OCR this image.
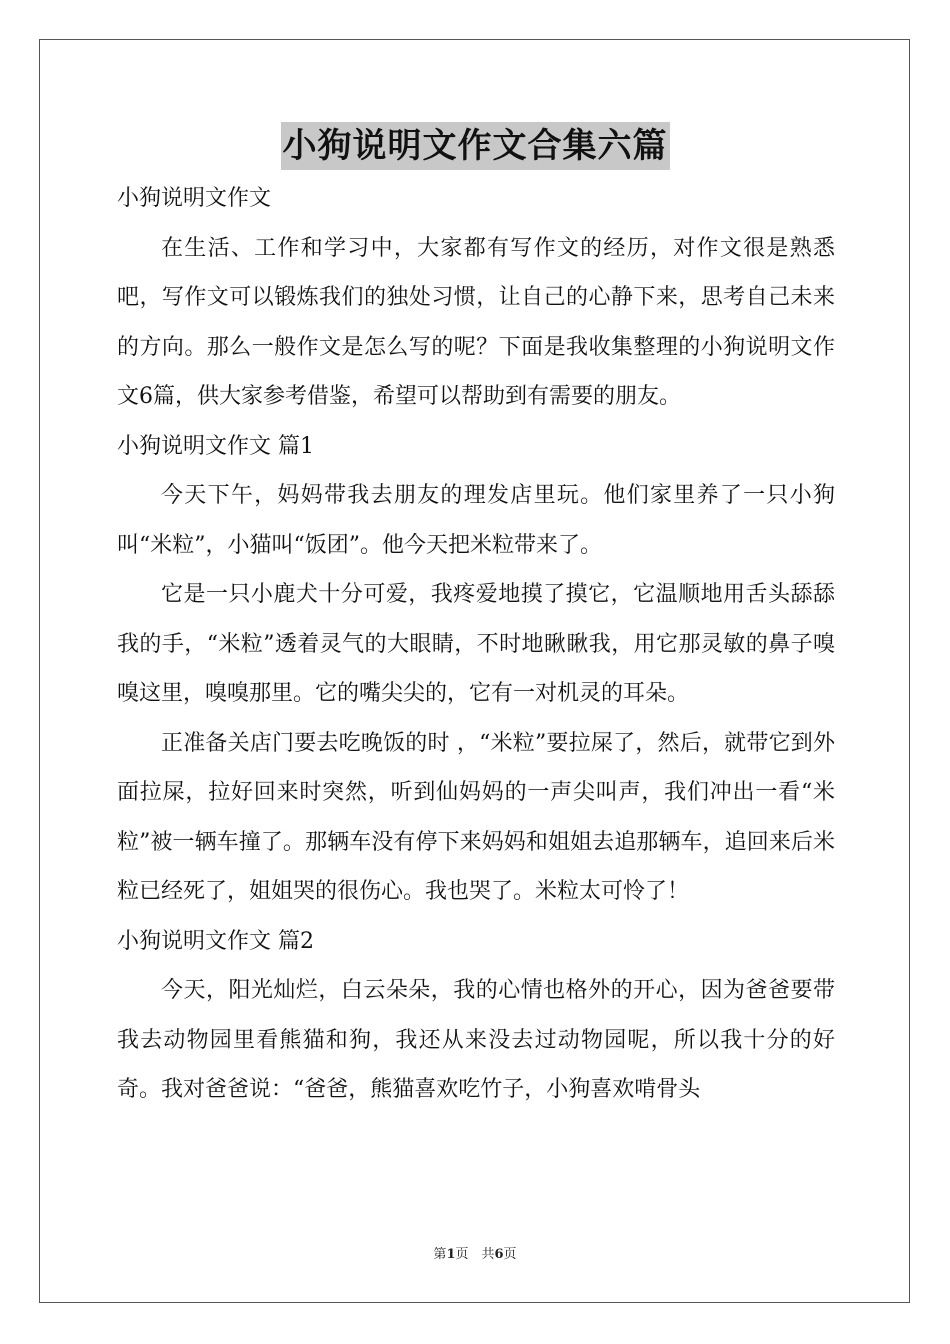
小狗说明文作文合集六篇

小狗说明文作文

在生活、工作和学习中，大家都有写作文的经历，对作文很是熟悉吧，写作文可以锻炼我们的独处习惯，让自己的心静下来，思考自己未来的方向。那么一般作文是怎么写的呢？下面是我收集整理的小狗说明文作文6篇，供大家参考借鉴，希望可以帮助到有需要的朋友。

小狗说明文作文 篇1

今天下午，妈妈带我去朋友的理发店里玩。他们家里养了一只小狗叫“米粒”，小猫叫“饭团”。他今天把米粒带来了。

它是一只小鹿犬十分可爱，我疼爱地摸了摸它，它温顺地用舌头舔舔我的手，“米粒”透着灵气的大眼睛，不时地瞅瞅我，用它那灵敏的鼻子嗅嗅这里，嗅嗅那里。它的嘴尖尖的，它有一对机灵的耳朵。

正准备关店门要去吃晚饭的时 ，“米粒”要拉屎了，然后，就带它到外面拉屎，拉好回来时突然，听到仙妈妈的一声尖叫声，我们冲出一看“米粒”被一辆车撞了。那辆车没有停下来妈妈和姐姐去追那辆车，追回来后米粒已经死了，姐姐哭的很伤心。我也哭了。米粒太可怜了！

小狗说明文作文 篇2

今天，阳光灿烂，白云朵朵，我的心情也格外的开心，因为爸爸要带我去动物园里看熊猫和狗，我还从来没去过动物园呢，所以我十分的好奇。我对爸爸说：“爸爸，熊猫喜欢吃竹子，小狗喜欢啃骨头

第1页　共6页
